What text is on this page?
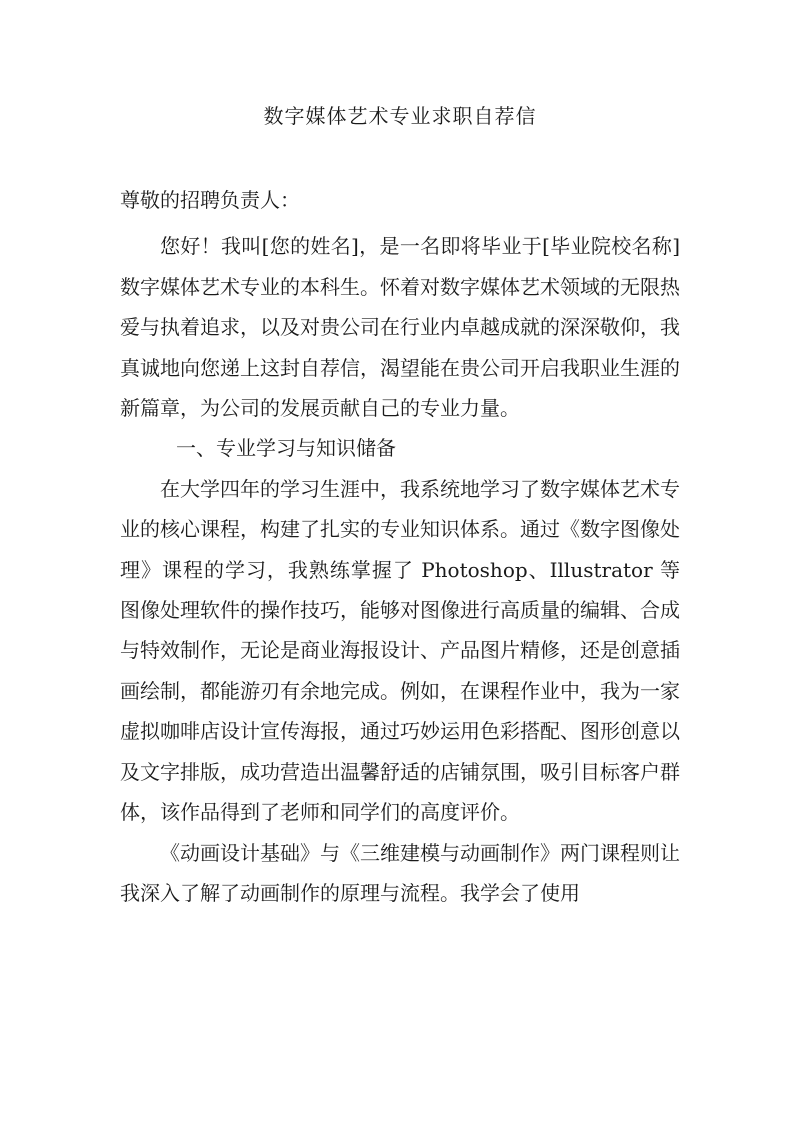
数字媒体艺术专业求职自荐信

尊敬的招聘负责人：

您好！我叫[您的姓名]，是一名即将毕业于[毕业院校名称]数字媒体艺术专业的本科生。怀着对数字媒体艺术领域的无限热爱与执着追求，以及对贵公司在行业内卓越成就的深深敬仰，我真诚地向您递上这封自荐信，渴望能在贵公司开启我职业生涯的新篇章，为公司的发展贡献自己的专业力量。

一、专业学习与知识储备

在大学四年的学习生涯中，我系统地学习了数字媒体艺术专业的核心课程，构建了扎实的专业知识体系。通过《数字图像处理》课程的学习，我熟练掌握了 Photoshop、Illustrator 等图像处理软件的操作技巧，能够对图像进行高质量的编辑、合成与特效制作，无论是商业海报设计、产品图片精修，还是创意插画绘制，都能游刃有余地完成。例如，在课程作业中，我为一家虚拟咖啡店设计宣传海报，通过巧妙运用色彩搭配、图形创意以及文字排版，成功营造出温馨舒适的店铺氛围，吸引目标客户群体，该作品得到了老师和同学们的高度评价。

《动画设计基础》与《三维建模与动画制作》两门课程则让我深入了解了动画制作的原理与流程。我学会了使用
